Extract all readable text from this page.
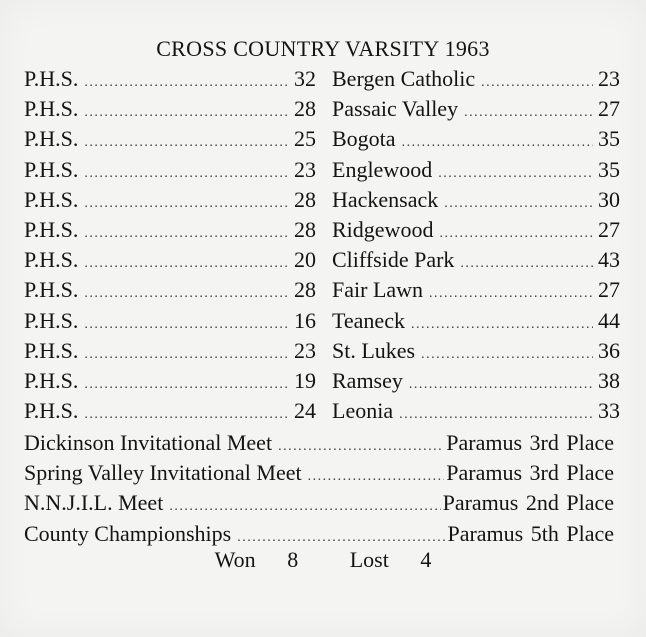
CROSS COUNTRY VARSITY 1963
P.H.S. .....	32 Bergen Catholic .....	23
P.H.S. .....	28 Passaic Valley .....	27
P.H.S. .....	25 Bogota .....	35
P.H.S. .....	23 Englewood .....	35
P.H.S. .....	28 Hackensack .....	30
P.H.S. .....	28 Ridgewood .....	27
P.H.S. .....	20 Cliffside Park .....	43
P.H.S. .....	28 Fair Lawn .....	27
P.H.S. .....	16 Teaneck .....	44
P.H.S. .....	23 St. Lukes .....	36
P.H.S. .....	19 Ramsey .....	38
P.H.S. .....	24 Leonia .....	33
Dickinson Invitational Meet .....	Paramus 3rd Place
Spring Valley Invitational Meet .....	Paramus 3rd Place
N.N.J.I.L. Meet .....	Paramus 2nd Place
County Championships .....	Paramus 5th Place
Won 8 Lost 4
